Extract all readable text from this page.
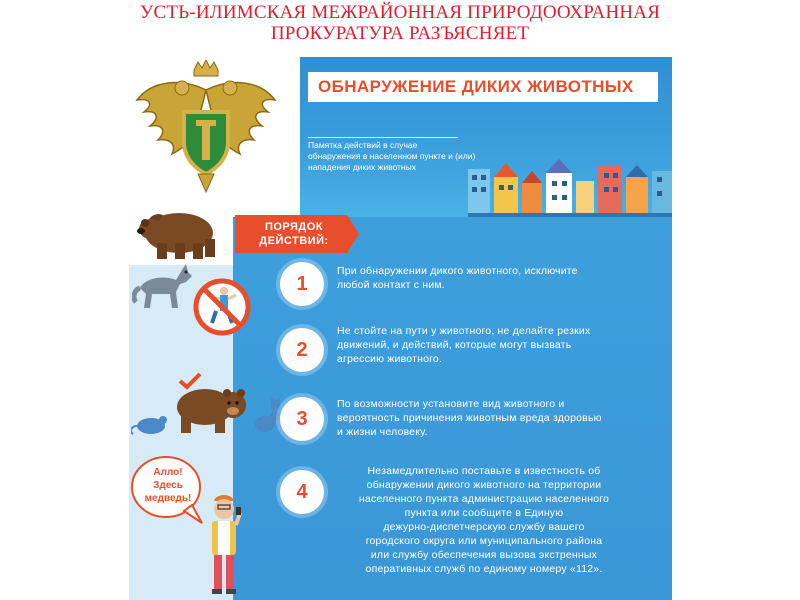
УСТЬ-ИЛИМСКАЯ МЕЖРАЙОННАЯ ПРИРОДООХРАННАЯ
ПРОКУРАТУРА РАЗЪЯСНЯЕТ
ОБНАРУЖЕНИЕ ДИКИХ ЖИВОТНЫХ
Памятка действий в случае
обнаружения в населенном пункте и (или)
нападения диких животных
ПОРЯДОК
ДЕЙСТВИЙ:
Алло!
Здесь
медведь!
1
При обнаружении дикого животного, исключите
любой контакт с ним.
2
Не стойте на пути у животного, не делайте резких
движений, и действий, которые могут вызвать
агрессию животного.
3
По возможности установите вид животного и
вероятность причинения животным вреда здоровью
и жизни человеку.
4
Незамедлительно поставьте в известность об
обнаружении дикого животного на территории
населенного пункта администрацию населенного
пункта или сообщите в Единую
дежурно-диспетчерскую службу вашего
городского округа или муниципального района
или службу обеспечения вызова экстренных
оперативных служб по единому номеру «112».
